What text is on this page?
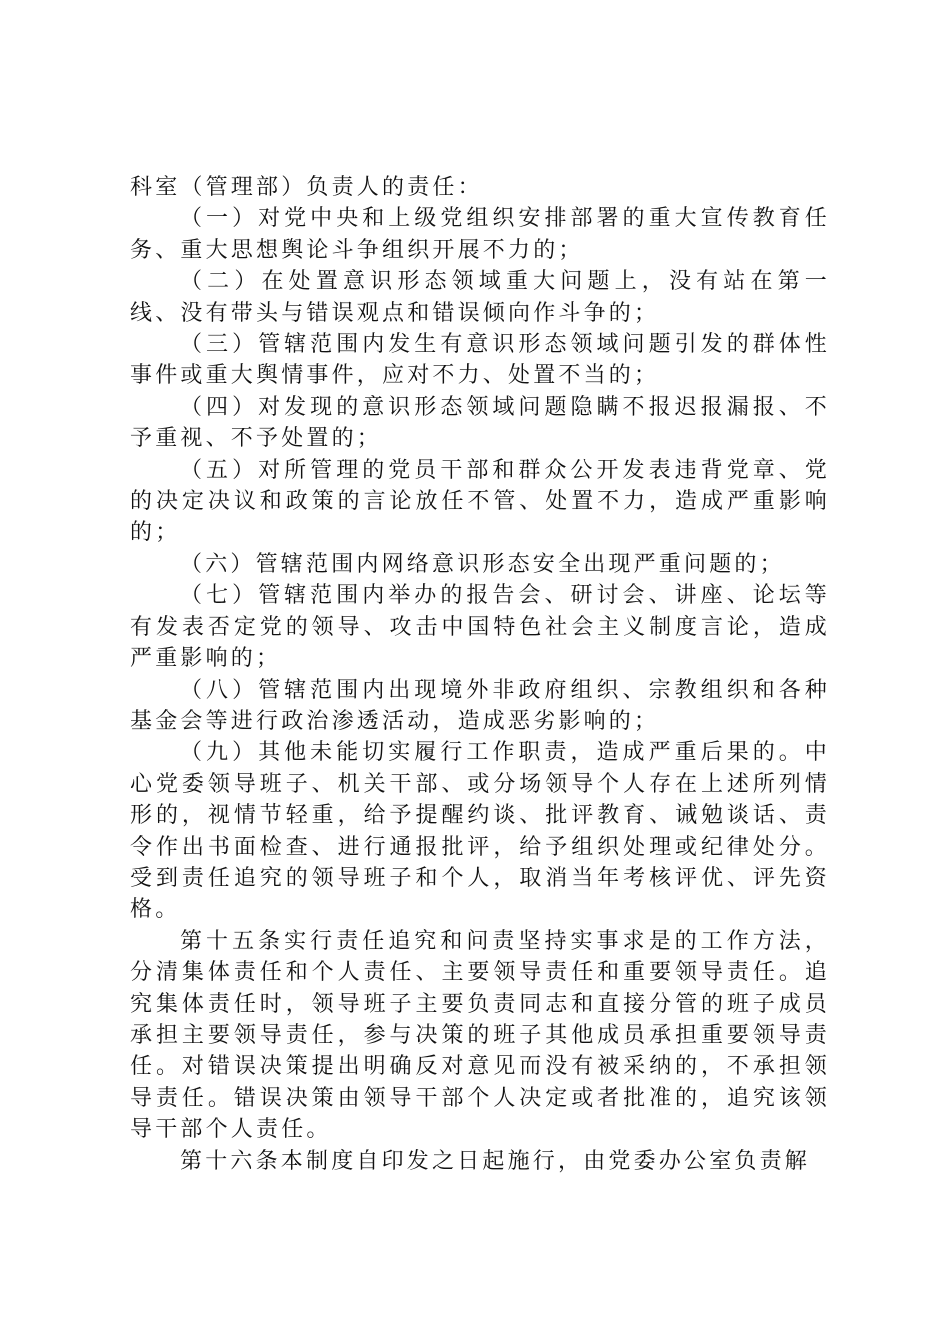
科室（管理部）负责人的责任：

（一）对党中央和上级党组织安排部署的重大宣传教育任务、重大思想舆论斗争组织开展不力的；

（二）在处置意识形态领域重大问题上，没有站在第一线、没有带头与错误观点和错误倾向作斗争的；

（三）管辖范围内发生有意识形态领域问题引发的群体性事件或重大舆情事件，应对不力、处置不当的；

（四）对发现的意识形态领域问题隐瞒不报迟报漏报、不予重视、不予处置的；

（五）对所管理的党员干部和群众公开发表违背党章、党的决定决议和政策的言论放任不管、处置不力，造成严重影响的；

（六）管辖范围内网络意识形态安全出现严重问题的；

（七）管辖范围内举办的报告会、研讨会、讲座、论坛等有发表否定党的领导、攻击中国特色社会主义制度言论，造成严重影响的；

（八）管辖范围内出现境外非政府组织、宗教组织和各种基金会等进行政治渗透活动，造成恶劣影响的；

（九）其他未能切实履行工作职责，造成严重后果的。中心党委领导班子、机关干部、或分场领导个人存在上述所列情形的，视情节轻重，给予提醒约谈、批评教育、诫勉谈话、责令作出书面检查、进行通报批评，给予组织处理或纪律处分。受到责任追究的领导班子和个人，取消当年考核评优、评先资格。

第十五条实行责任追究和问责坚持实事求是的工作方法，分清集体责任和个人责任、主要领导责任和重要领导责任。追究集体责任时，领导班子主要负责同志和直接分管的班子成员承担主要领导责任，参与决策的班子其他成员承担重要领导责任。对错误决策提出明确反对意见而没有被采纳的，不承担领导责任。错误决策由领导干部个人决定或者批准的，追究该领导干部个人责任。

第十六条本制度自印发之日起施行，由党委办公室负责解
